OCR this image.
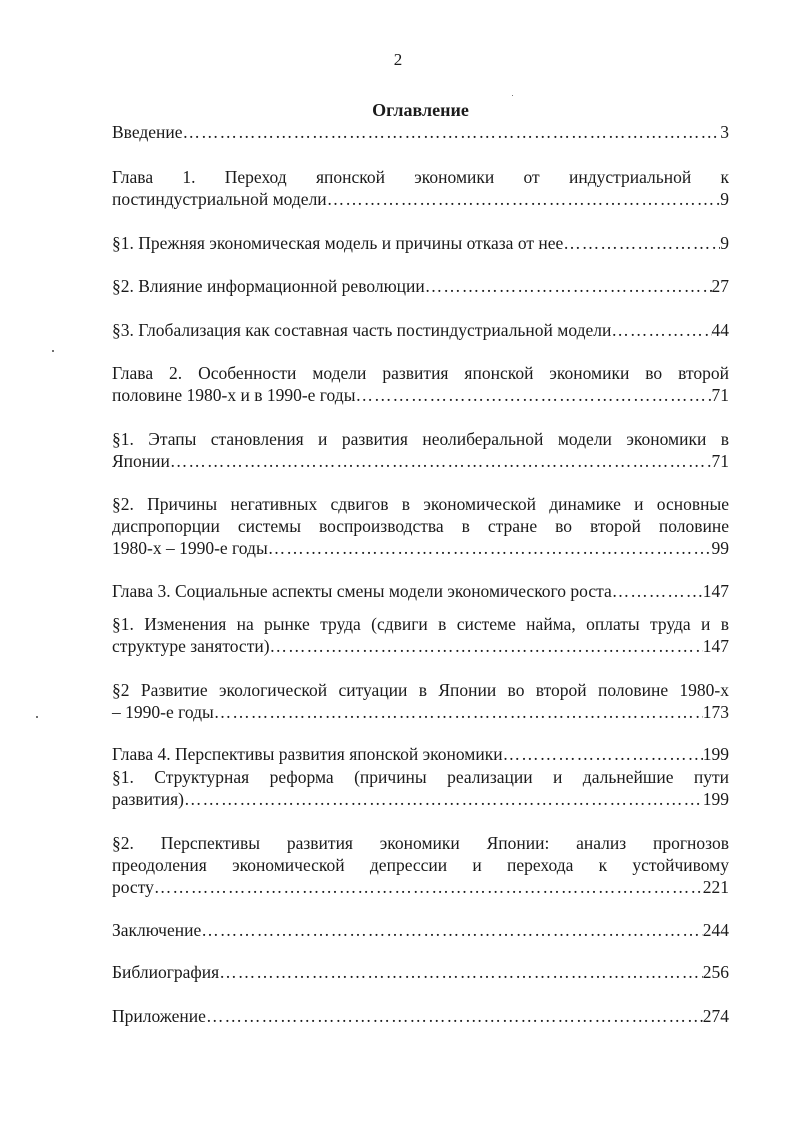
2
Оглавление
Введение ………………………………………………………………………………………………………………………………………………	3
Глава 1. Переход японской экономики от индустриальной к
постиндустриальной модели ………………………………………………………………………………………………………………………………………………	9
§1. Прежняя экономическая модель и причины отказа от нее ………………………………………………………………………………………………………………………………………………	9
§2. Влияние информационной революции ………………………………………………………………………………………………………………………………………………	27
§3. Глобализация как составная часть постиндустриальной модели ………………………………………………………………………………………………………………………………………………	44
Глава 2. Особенности модели развития японской экономики во второй
половине 1980-х и в 1990-е годы ………………………………………………………………………………………………………………………………………………	71
§1. Этапы становления и развития неолиберальной модели экономики в
Японии ………………………………………………………………………………………………………………………………………………	71
§2. Причины негативных сдвигов в экономической динамике и основные
диспропорции системы воспроизводства в стране во второй половине
1980-х – 1990-е годы ………………………………………………………………………………………………………………………………………………	99
Глава 3. Социальные аспекты смены модели экономического роста ………………………………………………………………………………………………………………………………………………	147
§1. Изменения на рынке труда (сдвиги в системе найма, оплаты труда и в
структуре занятости) ………………………………………………………………………………………………………………………………………………	147
§2 Развитие экологической ситуации в Японии во второй половине 1980-х
– 1990-е годы ………………………………………………………………………………………………………………………………………………	173
Глава 4. Перспективы развития японской экономики ………………………………………………………………………………………………………………………………………………	199
§1. Структурная реформа (причины реализации и дальнейшие пути
развития) ………………………………………………………………………………………………………………………………………………	199
§2. Перспективы развития экономики Японии: анализ прогнозов
преодоления экономической депрессии и перехода к устойчивому
росту ………………………………………………………………………………………………………………………………………………	221
Заключение ………………………………………………………………………………………………………………………………………………	244
Библиография ………………………………………………………………………………………………………………………………………………	256
Приложение ………………………………………………………………………………………………………………………………………………	274
